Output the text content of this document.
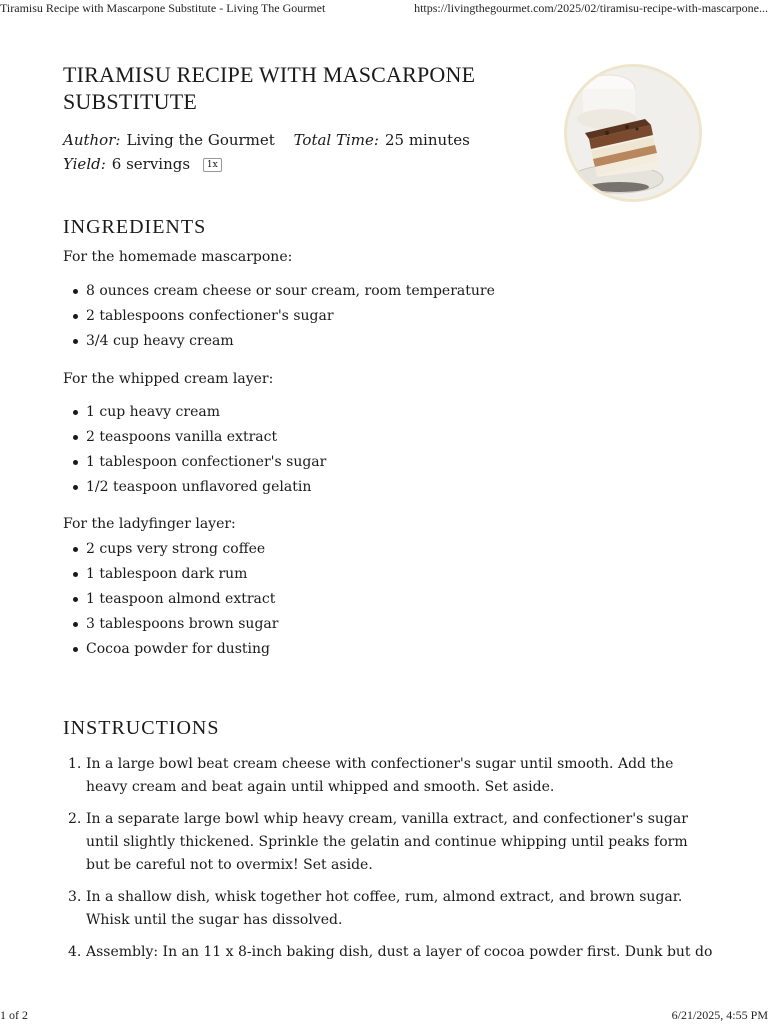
Tiramisu Recipe with Mascarpone Substitute - Living The Gourmet	https://livingthegourmet.com/2025/02/tiramisu-recipe-with-mascarpone...
TIRAMISU RECIPE WITH MASCARPONE SUBSTITUTE
Author: Living the Gourmet Total Time: 25 minutes
Yield: 6 servings 1x
INGREDIENTS
For the homemade mascarpone:
8 ounces cream cheese or sour cream, room temperature
2 tablespoons confectioner's sugar
3/4 cup heavy cream
For the whipped cream layer:
1 cup heavy cream
2 teaspoons vanilla extract
1 tablespoon confectioner's sugar
1/2 teaspoon unflavored gelatin
For the ladyfinger layer:
2 cups very strong coffee
1 tablespoon dark rum
1 teaspoon almond extract
3 tablespoons brown sugar
Cocoa powder for dusting
INSTRUCTIONS
1. In a large bowl beat cream cheese with confectioner's sugar until smooth. Add the heavy cream and beat again until whipped and smooth. Set aside.
2. In a separate large bowl whip heavy cream, vanilla extract, and confectioner's sugar until slightly thickened. Sprinkle the gelatin and continue whipping until peaks form but be careful not to overmix! Set aside.
3. In a shallow dish, whisk together hot coffee, rum, almond extract, and brown sugar. Whisk until the sugar has dissolved.
4. Assembly: In an 11 x 8-inch baking dish, dust a layer of cocoa powder first. Dunk but do
1 of 2	6/21/2025, 4:55 PM
